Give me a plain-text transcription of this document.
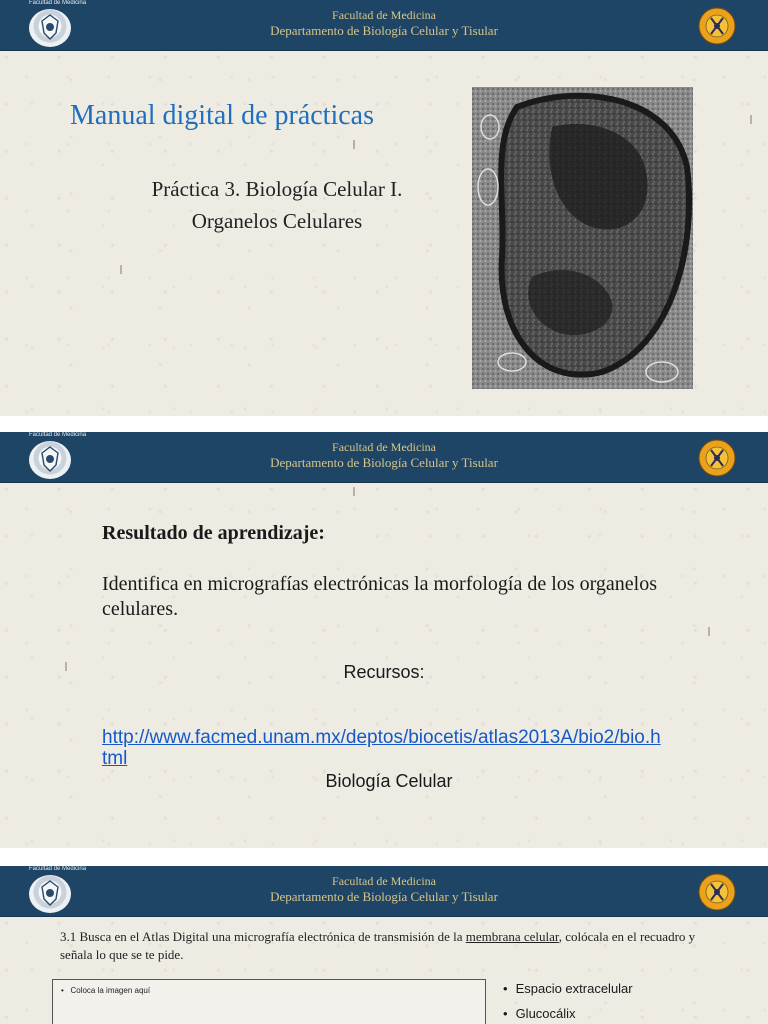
Facultad de Medicina
Facultad de Medicina
Departamento de Biología Celular y Tisular
Manual digital de prácticas
Práctica 3. Biología Celular I.
Organelos Celulares
Facultad de Medicina
Facultad de Medicina
Departamento de Biología Celular y Tisular
Resultado de aprendizaje:
Identifica en micrografías electrónicas la morfología de los organelos celulares.
Recursos:
http://www.facmed.unam.mx/deptos/biocetis/atlas2013A/bio2/bio.html
Biología Celular
Facultad de Medicina
Facultad de Medicina
Departamento de Biología Celular y Tisular
3.1 Busca en el Atlas Digital una micrografía electrónica de transmisión de la membrana celular, colócala en el recuadro y señala lo que se te pide.
•   Coloca la imagen aquí
•	Espacio extracelular
• Glucocálix
